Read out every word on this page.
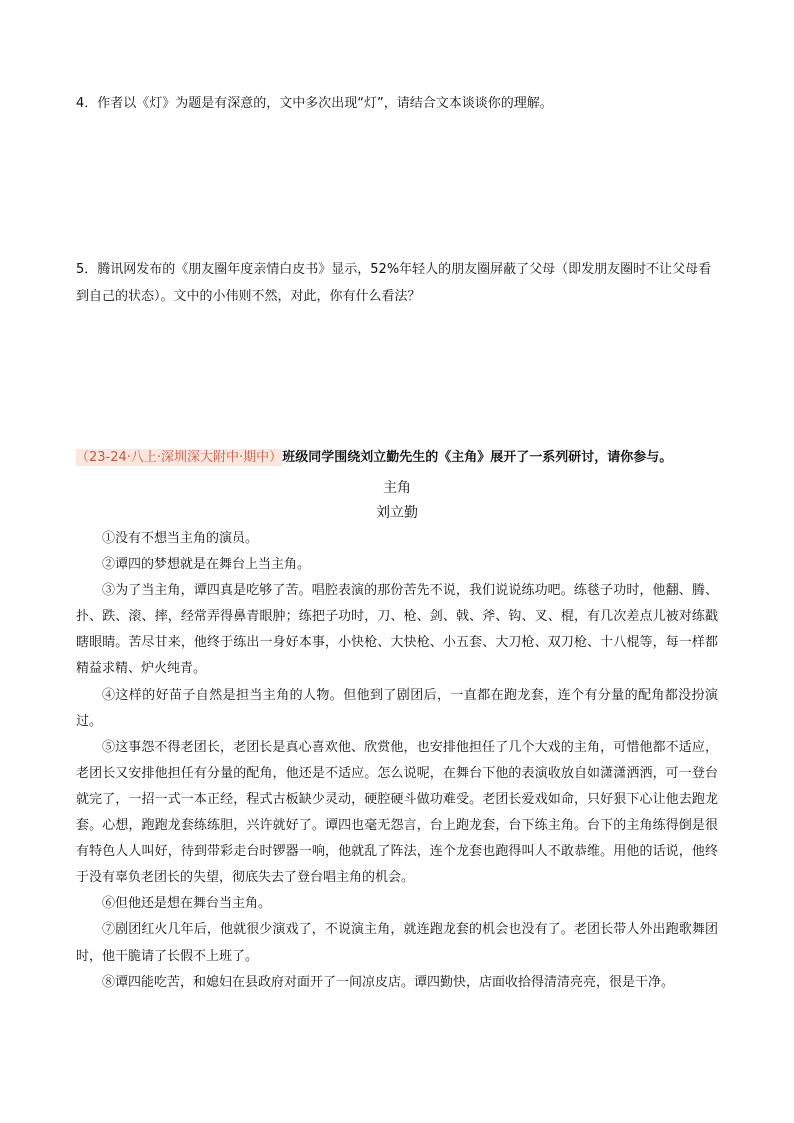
4．作者以《灯》为题是有深意的，文中多次出现“灯”，请结合文本谈谈你的理解。
5．腾讯网发布的《朋友圈年度亲情白皮书》显示，52%年轻人的朋友圈屏蔽了父母（即发朋友圈时不让父母看到自己的状态）。文中的小伟则不然，对此，你有什么看法？
（23-24·八上·深圳深大附中·期中）班级同学围绕刘立勤先生的《主角》展开了一系列研讨，请你参与。
主角
刘立勤

①没有不想当主角的演员。

②谭四的梦想就是在舞台上当主角。

③为了当主角，谭四真是吃够了苦。唱腔表演的那份苦先不说，我们说说练功吧。练毯子功时，他翻、腾、扑、跌、滚、摔，经常弄得鼻青眼肿；练把子功时，刀、枪、剑、戟、斧、钩、叉、棍，有几次差点儿被对练戳瞎眼睛。苦尽甘来，他终于练出一身好本事，小快枪、大快枪、小五套、大刀枪、双刀枪、十八棍等，每一样都精益求精、炉火纯青。

④这样的好苗子自然是担当主角的人物。但他到了剧团后，一直都在跑龙套，连个有分量的配角都没扮演过。

⑤这事怨不得老团长，老团长是真心喜欢他、欣赏他，也安排他担任了几个大戏的主角，可惜他都不适应，老团长又安排他担任有分量的配角，他还是不适应。怎么说呢，在舞台下他的表演收放自如潇潇洒洒，可一登台就完了，一招一式一本正经，程式古板缺少灵动，硬腔硬斗做功难受。老团长爱戏如命，只好狠下心让他去跑龙套。心想，跑跑龙套练练胆，兴许就好了。谭四也毫无怨言，台上跑龙套，台下练主角。台下的主角练得倒是很有特色人人叫好，待到带彩走台时锣器一响，他就乱了阵法，连个龙套也跑得叫人不敢恭维。用他的话说，他终于没有辜负老团长的失望，彻底失去了登台唱主角的机会。

⑥但他还是想在舞台当主角。

⑦剧团红火几年后，他就很少演戏了，不说演主角，就连跑龙套的机会也没有了。老团长带人外出跑歌舞团时，他干脆请了长假不上班了。

⑧谭四能吃苦，和媳妇在县政府对面开了一间凉皮店。谭四勤快，店面收拾得清清亮亮，很是干净。
